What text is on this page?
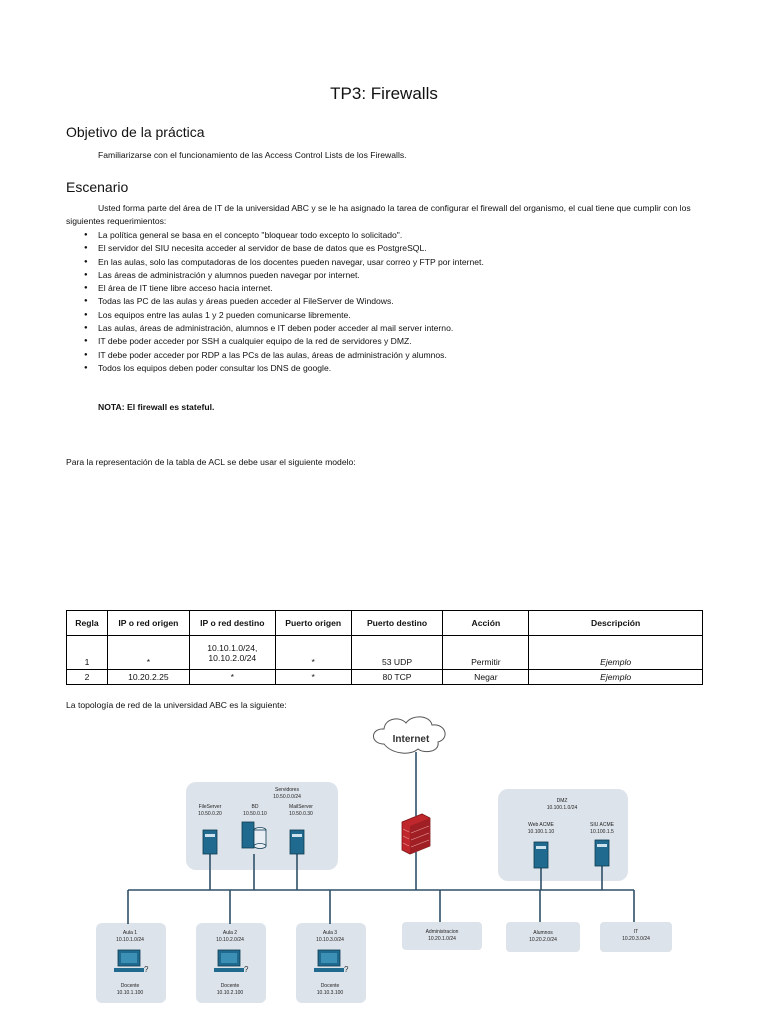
TP3: Firewalls
Objetivo de la práctica
Familiarizarse con el funcionamiento de las Access Control Lists de los Firewalls.
Escenario
Usted forma parte del área de IT de la universidad ABC y se le ha asignado la tarea de configurar el firewall del organismo, el cual tiene que cumplir con los siguientes requerimientos:
● La política general se basa en el concepto "bloquear todo excepto lo solicitado".
● El servidor del SIU necesita acceder al servidor de base de datos que es PostgreSQL.
● En las aulas, solo las computadoras de los docentes pueden navegar, usar correo y FTP por internet.
● Las áreas de administración y alumnos pueden navegar por internet.
● El área de IT tiene libre acceso hacia internet.
● Todas las PC de las aulas y áreas pueden acceder al FileServer de Windows.
● Los equipos entre las aulas 1 y 2 pueden comunicarse libremente.
● Las aulas, áreas de administración, alumnos e IT deben poder acceder al mail server interno.
● IT debe poder acceder por SSH a cualquier equipo de la red de servidores y DMZ.
● IT debe poder acceder por RDP a las PCs de las aulas, áreas de administración y alumnos.
● Todos los equipos deben poder consultar los DNS de google.
NOTA: El firewall es stateful.
Para la representación de la tabla de ACL se debe usar el siguiente modelo:
Regla	IP o red origen	IP o red destino	Puerto origen	Puerto destino	Acción	Descripción
1	*	10.10.1.0/24,
10.10.2.0/24	*	53 UDP	Permitir	Ejemplo
2	10.20.2.25	*	*	80 TCP	Negar	Ejemplo
La topología de red de la universidad ABC es la siguiente:
Internet
Servidores
10.50.0.0/24
FileServer
10.50.0.20
BD
10.50.0.10
MailServer
10.50.0.30
DMZ
10.100.1.0/24
Web ACME
10.100.1.10
SIU ACME
10.100.1.5
Aula 1
10.10.1.0/24
Aula 2
10.10.2.0/24
Aula 3
10.10.3.0/24
?	?	?
Docente
10.10.1.100
Docente
10.10.2.100
Docente
10.10.3.100
Administracion
10.20.1.0/24
Alumnos
10.20.2.0/24
IT
10.20.3.0/24
